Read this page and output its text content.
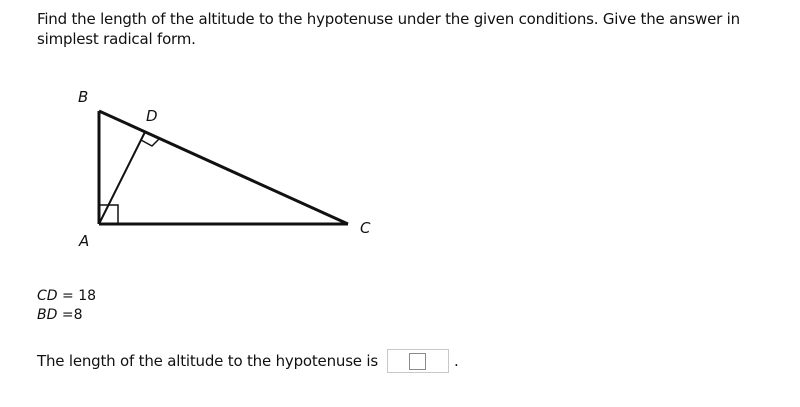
Find the length of the altitude to the hypotenuse under the given conditions. Give the answer in simplest radical form.
B
D
A
C
CD = 18
BD =8
The length of the altitude to the hypotenuse is	.
